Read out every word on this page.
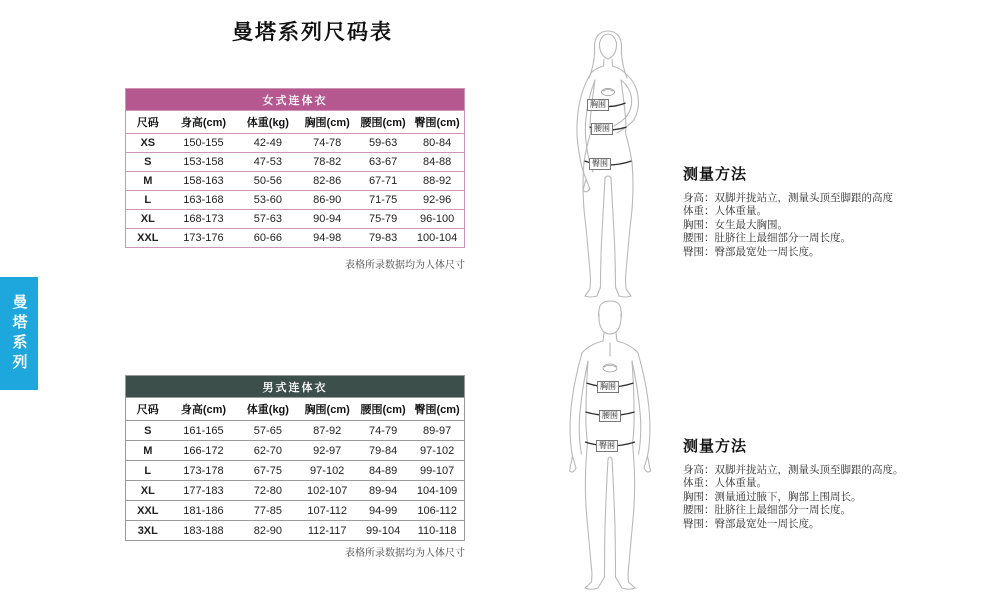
曼塔系列
曼塔系列尺码表
女式连体衣					
尺码	身高(cm)	体重(kg)	胸围(cm)	腰围(cm)	臀围(cm)
XS	150-155	42-49	74-78	59-63	80-84
S	153-158	47-53	78-82	63-67	84-88
M	158-163	50-56	82-86	67-71	88-92
L	163-168	53-60	86-90	71-75	92-96
XL	168-173	57-63	90-94	75-79	96-100
XXL	173-176	60-66	94-98	79-83	100-104
表格所录数据均为人体尺寸
男式连体衣					
尺码	身高(cm)	体重(kg)	胸围(cm)	腰围(cm)	臀围(cm)
S	161-165	57-65	87-92	74-79	89-97
M	166-172	62-70	92-97	79-84	97-102
L	173-178	67-75	97-102	84-89	99-107
XL	177-183	72-80	102-107	89-94	104-109
XXL	181-186	77-85	107-112	94-99	106-112
3XL	183-188	82-90	112-117	99-104	110-118
表格所录数据均为人体尺寸
胸围
腰围
臀围
胸围
腰围
臀围
测量方法
身高：双脚并拢站立，测量头顶至脚跟的高度
体重：人体重量。
胸围：女生最大胸围。
腰围：肚脐往上最细部分一周长度。
臀围：臀部最宽处一周长度。
测量方法
身高：双脚并拢站立，测量头顶至脚跟的高度。
体重：人体重量。
胸围：测量通过腋下，胸部上围周长。
腰围：肚脐往上最细部分一周长度。
臀围：臀部最宽处一周长度。
